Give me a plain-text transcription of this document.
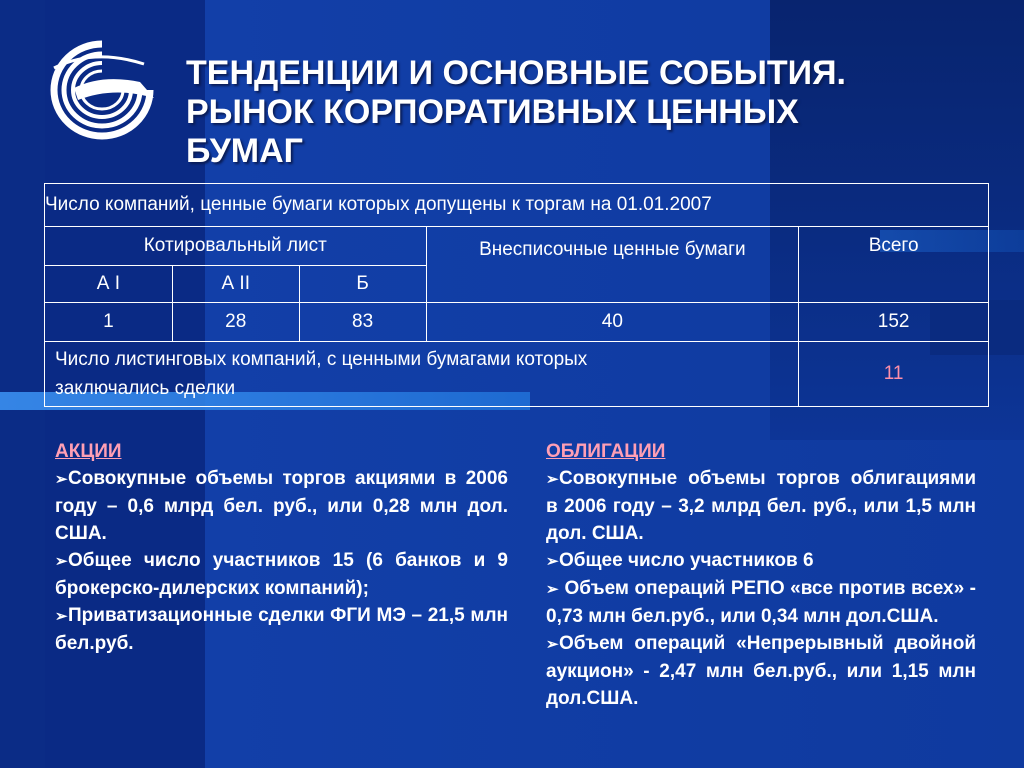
ТЕНДЕНЦИИ И ОСНОВНЫЕ СОБЫТИЯ.
РЫНОК КОРПОРАТИВНЫХ ЦЕННЫХ
БУМАГ
Число компаний, ценные бумаги которых допущены к торгам на 01.01.2007				
Котировальный лист			Внесписочные ценные бумаги	Всего
А I	А II	Б		
1	28	83	40	152
Число листинговых компаний, с ценными бумагами которых заключались сделки				11
АКЦИИ
➢Совокупные объемы торгов акциями в 2006 году – 0,6 млрд бел. руб., или 0,28 млн дол. США.
➢Общее число участников 15 (6 банков и 9 брокерско-дилерских компаний);
➢Приватизационные сделки ФГИ МЭ – 21,5 млн бел.руб.
ОБЛИГАЦИИ
➢Совокупные объемы торгов облигациями в 2006 году – 3,2 млрд бел. руб., или 1,5 млн дол. США.
➢Общее число участников 6
➢ Объем операций РЕПО «все против всех» - 0,73 млн бел.руб., или 0,34 млн дол.США.
➢Объем операций «Непрерывный двойной аукцион» - 2,47 млн бел.руб., или 1,15 млн дол.США.
